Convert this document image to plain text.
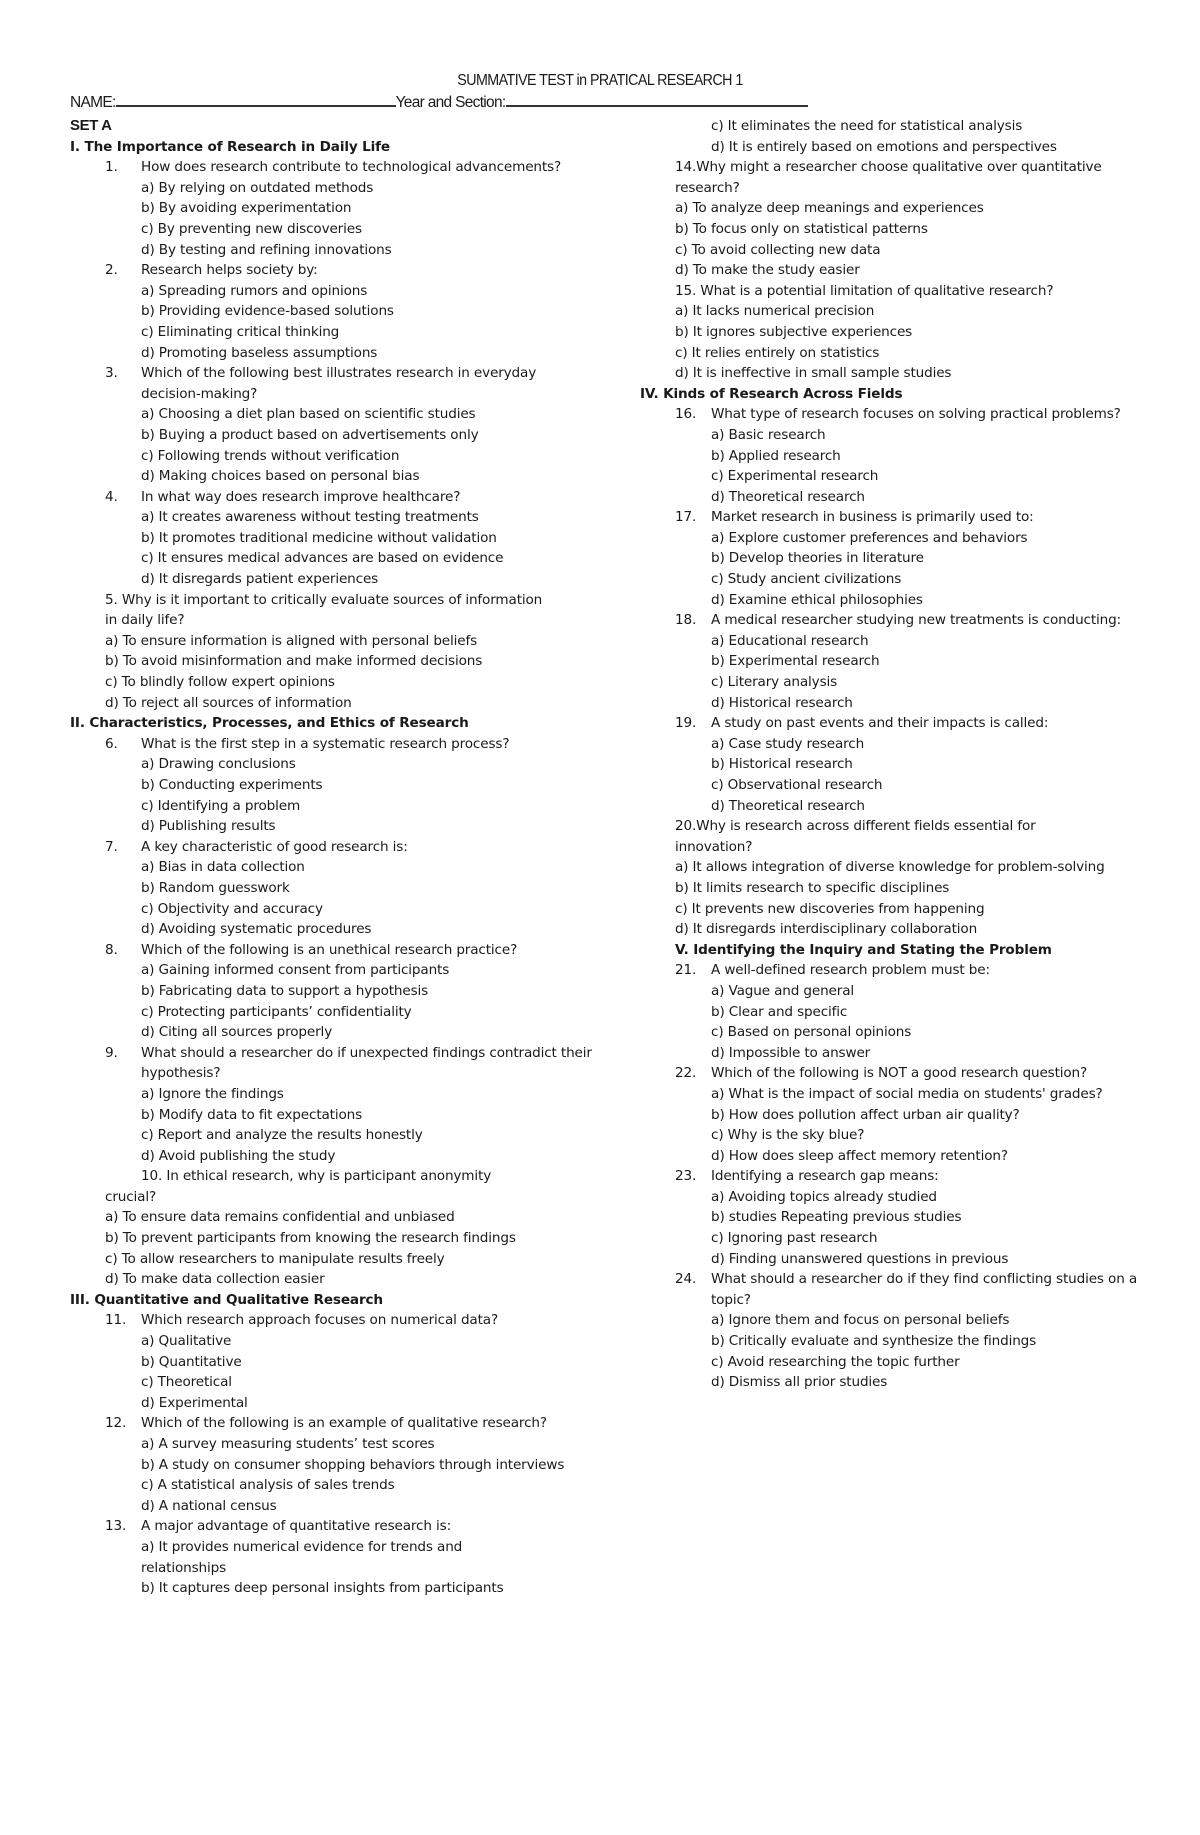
SUMMATIVE TEST in PRATICAL RESEARCH 1
NAME:	Year and Section:
SET A
I. The Importance of Research in Daily Life
1. How does research contribute to technological advancements?
a) By relying on outdated methods
b) By avoiding experimentation
c) By preventing new discoveries
d) By testing and refining innovations
2. Research helps society by:
a) Spreading rumors and opinions
b) Providing evidence-based solutions
c) Eliminating critical thinking
d) Promoting baseless assumptions
3. Which of the following best illustrates research in everyday decision-making?
a) Choosing a diet plan based on scientific studies
b) Buying a product based on advertisements only
c) Following trends without verification
d) Making choices based on personal bias
4. In what way does research improve healthcare?
a) It creates awareness without testing treatments
b) It promotes traditional medicine without validation
c) It ensures medical advances are based on evidence
d) It disregards patient experiences
5. Why is it important to critically evaluate sources of information in daily life?
a) To ensure information is aligned with personal beliefs
b) To avoid misinformation and make informed decisions
c) To blindly follow expert opinions
d) To reject all sources of information
II. Characteristics, Processes, and Ethics of Research
6. What is the first step in a systematic research process?
a) Drawing conclusions
b) Conducting experiments
c) Identifying a problem
d) Publishing results
7. A key characteristic of good research is:
a) Bias in data collection
b) Random guesswork
c) Objectivity and accuracy
d) Avoiding systematic procedures
8. Which of the following is an unethical research practice?
a) Gaining informed consent from participants
b) Fabricating data to support a hypothesis
c) Protecting participants’ confidentiality
d) Citing all sources properly
9. What should a researcher do if unexpected findings contradict their hypothesis?
a) Ignore the findings
b) Modify data to fit expectations
c) Report and analyze the results honestly
d) Avoid publishing the study
10. In ethical research, why is participant anonymity
crucial?
a) To ensure data remains confidential and unbiased
b) To prevent participants from knowing the research findings
c) To allow researchers to manipulate results freely
d) To make data collection easier
III. Quantitative and Qualitative Research
11. Which research approach focuses on numerical data?
a) Qualitative
b) Quantitative
c) Theoretical
d) Experimental
12. Which of the following is an example of qualitative research?
a) A survey measuring students’ test scores
b) A study on consumer shopping behaviors through interviews
c) A statistical analysis of sales trends
d) A national census
13. A major advantage of quantitative research is:
a) It provides numerical evidence for trends and relationships
b) It captures deep personal insights from participants
c) It eliminates the need for statistical analysis
d) It is entirely based on emotions and perspectives
14.Why might a researcher choose qualitative over quantitative research?
a) To analyze deep meanings and experiences
b) To focus only on statistical patterns
c) To avoid collecting new data
d) To make the study easier
15. What is a potential limitation of qualitative research?
a) It lacks numerical precision
b) It ignores subjective experiences
c) It relies entirely on statistics
d) It is ineffective in small sample studies
IV. Kinds of Research Across Fields
16. What type of research focuses on solving practical problems?
a) Basic research
b) Applied research
c) Experimental research
d) Theoretical research
17. Market research in business is primarily used to:
a) Explore customer preferences and behaviors
b) Develop theories in literature
c) Study ancient civilizations
d) Examine ethical philosophies
18. A medical researcher studying new treatments is conducting:
a) Educational research
b) Experimental research
c) Literary analysis
d) Historical research
19. A study on past events and their impacts is called:
a) Case study research
b) Historical research
c) Observational research
d) Theoretical research
20.Why is research across different fields essential for innovation?
a) It allows integration of diverse knowledge for problem-solving
b) It limits research to specific disciplines
c) It prevents new discoveries from happening
d) It disregards interdisciplinary collaboration
V. Identifying the Inquiry and Stating the Problem
21. A well-defined research problem must be:
a) Vague and general
b) Clear and specific
c) Based on personal opinions
d) Impossible to answer
22. Which of the following is NOT a good research question?
a) What is the impact of social media on students' grades?
b) How does pollution affect urban air quality?
c) Why is the sky blue?
d) How does sleep affect memory retention?
23. Identifying a research gap means:
a) Avoiding topics already studied
b) studies Repeating previous studies
c) Ignoring past research
d) Finding unanswered questions in previous
24. What should a researcher do if they find conflicting studies on a topic?
a) Ignore them and focus on personal beliefs
b) Critically evaluate and synthesize the findings
c) Avoid researching the topic further
d) Dismiss all prior studies
